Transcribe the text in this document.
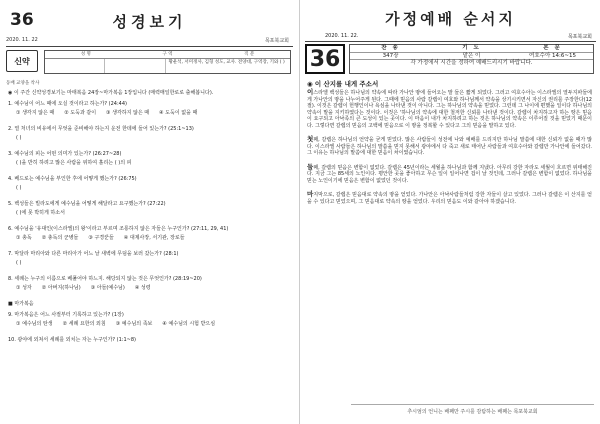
36	성경보기
2020. 11. 22	목포북교회
신약
성 명	구 역	직 분
황운석, 서미정사, 김형 성도, 교사. 전양대, 구역장, 기와 ( )
동배 교양을 착사
◉ 이 주간 신약성경보기는 마태복음 24장~마가복음 1장입니다 (매력매일한로로 출해봅니다).
1. 예수님이 어느 때에 오실 것이라고 하는가? (24:44)
① 생각지 않은 때 ② 도둑과 같이 ③ 생각하지 않은 때 ④ 도둑이 없을 때
2. 열 처녀의 비유에서 무엇을 준비해야 하는지 운전 한데에 들어 있는가? (25:1~13)
( )
3. 예수님의 피는 어떤 의미가 있는가? (26:27~28)
( )을 반히 하려고 많은 사람을 위하여 흘리는 ( )의 피
4. 베드로는 예수님을 부인한 후에 어떻게 했는가? (26:75)
( )
5. 백성들은 빌라도에게 예수님을 어떻게 해달라고 요구했는가? (27:22)
( )에 못 박히게 하소서
6. 예수님을 '유대인(이스라엘)의 왕'이라고 부르며 조롱하지 않은 자들은 누구인가? (27:11, 29, 41)
① 총독 ② 총독의 군병들 ③ 구경꾼들 ④ 대제사장, 서기관, 장로들
7. 막달라 마리아와 다른 마리아가 어느 날 새벽에 무덤을 보러 갔는가? (28:1)
( )
8. 세례는 누구의 이름으로 베풀어야 하느지. 해당되지 않는 것은 무엇인가? (28:19~20)
① 성자 ② 아버지(하나님) ③ 아들(예수님) ④ 성령
■ 마가복음
9. 마가복음은 어느 사절부터 기록하고 있는가? (1장)
① 예수님의 탄생 ② 세례 요한의 외침 ③ 예수님의 족보 ④ 예수님의 시험 받으심
10. 광야에 외쳐서 세례를 외치는 자는 누구인가? (1:1~8)
가정예배 순서지
2020. 11. 22.	목포북교회
36	찬 송	기 도	본 문
347장	맡은 이	여호수아 14:6~15
각 가정에서 시간을 정하여 예배드리시기 바랍니다.
◉ 이 산지를 내게 주소서

이스라엘 백성들은 하나님의 약속에 따라 가나안 땅에 들어오는 말 들은 짧게 되었다. 그러고 여호수아는 이스라엘의 열두지파들에게 가나안의 땅을 나누어주게 된다. 그때에 믿음의 사람 갈렙이 여호와 하나님께서 약속을 상기시키면서 자신의 권리를 주장한다(12절). 이것은 갈렙이 헌행인이나 욕심을 나타낸 것이 아니다. 그는 하나님의 약속을 믿었다. 그런데 그 나이에 편했을 일이다 하나님의 약속이 말을 지키하였다는 것이다. 이것은 '하나님의 약속에 대한 철저한 신뢰를 나타낸 것이다. 갈렙이 차지하고자 하는 땅은 믿음이 요구되고 아낙족의 큰 도성이 있는 곳이다. 이 마음이 내가 차지하려고 하는 것은 하나님의 약속은 이루어질 것을 믿었기 때문이다. 그렇다면 갈렙의 믿음의 고백에 믿음으로 이 땅을 정복할 수 있다고 그의 믿음을 말하고 있다.

첫째, 갈렙은 하나님의 언약을 굳게 믿었다. 많은 사람들이 성전에 나와 예배를 드리지만 하나님 말씀에 대한 신뢰가 없을 때가 많다. 이스라엘 사람들은 하나님의 말씀을 믿지 못해서 광야에서 다 죽고 새로 태어난 사람들과 여호수아와 갈렙만 가나안에 들어갔다. 그 이유는 하나님의 말씀에 대한 믿음이 차이였습니다.

둘째, 갈렙의 믿음은 변함이 없었다. 갈렙은 45년이라는 세월을 하나님과 함께 지냈다. 아무리 강한 자라도 세월이 흐르면 위태해진다. 지금 그는 85세의 노인이다. 평안한 곳을 좋아하고 무슨 일이 일어나면 겁이 날 것인데, 그러나 갈렙은 변함이 없었다. 하나님을 믿는 노인이기에 믿음은 변함이 없었던 것이다.

마지막으로, 갈렙은 믿음대로 약속의 땅을 얻었다. 가나안은 아낙사람들처럼 강한 자들이 살고 있었다. 그러나 갈렙은 이 산지를 얻을 수 있다고 믿었으며, 그 믿음대로 약속의 땅을 얻었다. 우리의 믿음도 이와 같아야 하겠습니다.

추시엄의 언니는 배째만 주시를 감탐하는 배째는 목포북교회
